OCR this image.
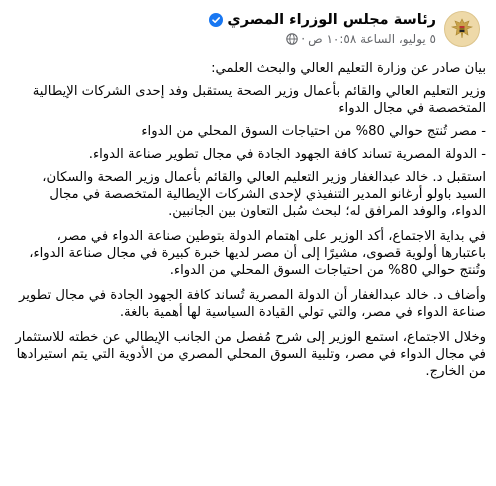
رئاسة مجلس الوزراء المصري
٥ يوليو، الساعة ١٠:٥٨ ص
·

بيان صادر عن وزارة التعليم العالي والبحث العلمي:

وزير التعليم العالي والقائم بأعمال وزير الصحة يستقبل وفد إحدى الشركات الإيطالية المتخصصة في مجال الدواء

- مصر تُنتج حوالي 80% من احتياجات السوق المحلي من الدواء

- الدولة المصرية تساند كافة الجهود الجادة في مجال تطوير صناعة الدواء.

استقبل د. خالد عبدالغفار وزير التعليم العالي والقائم بأعمال وزير الصحة والسكان، السيد باولو أرغانو المدير التنفيذي لإحدى الشركات الإيطالية المتخصصة في مجال الدواء، والوفد المرافق له؛ لبحث سُبل التعاون بين الجانبين.

في بداية الاجتماع، أكد الوزير على اهتمام الدولة بتوطين صناعة الدواء في مصر، باعتبارها أولوية قصوى، مشيرًا إلى أن مصر لديها خبرة كبيرة في مجال صناعة الدواء، وتُنتج حوالي 80% من احتياجات السوق المحلي من الدواء.

وأضاف د. خالد عبدالغفار أن الدولة المصرية تُساند كافة الجهود الجادة في مجال تطوير صناعة الدواء في مصر، والتي تولي القيادة السياسية لها أهمية بالغة.

وخلال الاجتماع، استمع الوزير إلى شرح مُفصل من الجانب الإيطالي عن خطته للاستثمار في مجال الدواء في مصر، وتلبية السوق المحلي المصري من الأدوية التي يتم استيرادها من الخارج.
